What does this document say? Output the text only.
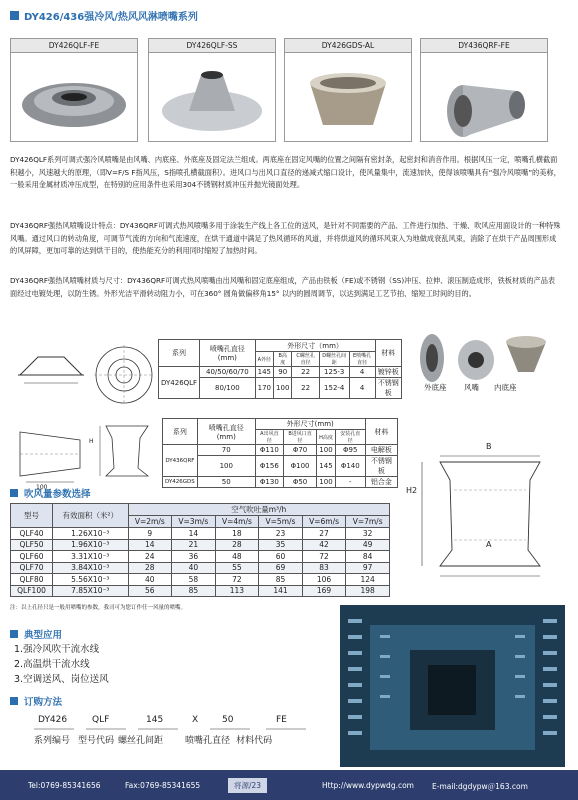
DY426/436强冷风/热风风淋喷嘴系列
DY426QLF-FE	DY426QLF-SS	DY426GDS-AL	DY436QRF-FE
DY426QLF系列可调式强冷风喷嘴是由风嘴、内底座、外底座及固定法兰组成。两底座在固定风嘴的位置之间隔有密封条，起密封和消音作用。根据风压一定，喷嘴孔横截面积越小，风速越大的原理，（即V=F/S F指风压，S指喷孔横截面积）。进风口与出风口直径的递减式缩口设计，使风量集中，流速加快，使得该喷嘴具有“强冷风喷嘴”的美称，一般采用金属材质冲压成型，在特别的应用条件也采用304不锈钢材质冲压并抛光镜面处理。
DY436QRF强热风喷嘴设计特点：DY436QRF可调式热风喷嘴多用于涂装生产线上各工位的送风，是针对不同需要的产品、工件进行加热、干燥、吹风应用面设计的一种特殊风嘴。通过风口的转动角度，可调节气流的方向和气流速度，在烘干通道中满足了热风循环的风道，并将烘道风的循环风束入为地做成衰乱风束，消除了在烘干产品周围形成的风屏障，更加可靠的达到烘干目的，使热能充分的利用同时缩短了加热时间。
DY436QRF强热风喷嘴材质与尺寸：DY436QRF可调式热风喷嘴由出风嘴和固定底座组成，产品由铁板（FE)或不锈钢（SS)冲压、拉伸、滚压制造成形，铁板材质的产品表面经过电镀处理，以防生锈。外形光洁平滑转动阻力小，可在360° 圆角做偏移角15° 以内的圆周调节，以达到满足工艺节拍、缩短工时间的目的。
系列	喷嘴孔直径(mm)	外形尺寸（mm）					材料
		A外径	B高度	C螺丝孔直径	D螺丝孔间距	E喷嘴孔直径	
DY426QLF	40/50/60/70	145	90	22	125-3	4	镀锌板
	80/100	170	100	22	152-4	4	不锈钢板
外底座 风嘴 内底座
100
H
系列	喷嘴孔直径(mm)	外形尺寸(mm)				材料
		A出风直径	B进风口直径	H高度	安装孔直径	
DY436QRF	70	Φ110	Φ70	100	Φ95	电解板
	100	Φ156	Φ100	145	Φ140	不锈钢板
DY426GDS	50	Φ130	Φ50	100	-	铝合金
B
H2
A
吹风量参数选择
型号	有效面积（米²）	空气吹吐量m³/h					
		V=2m/s	V=3m/s	V=4m/s	V=5m/s	V=6m/s	V=7m/s
QLF40	1.26X10⁻³	9	14	18	23	27	32
QLF50	1.96X10⁻³	14	21	28	35	42	49
QLF60	3.31X10⁻³	24	36	48	60	72	84
QLF70	3.84X10⁻³	28	40	55	69	83	97
QLF80	5.56X10⁻³	40	58	72	85	106	124
QLF100	7.85X10⁻³	56	85	113	141	169	198
注：以上孔径只是一般用喷嘴的参数，我司可为您订作任一风量的喷嘴。
典型应用
1.强冷风吹干流水线
2.高温烘干流水线
3.空调送风、岗位送风
订购方法
DY426	QLF	145	X	50	FE
系列编号 型号代码 螺丝孔间距 喷嘴孔直径 材料代码
Tel:0769-85341656	Fax:0769-85341655	将源/23	Http://www.dypwdg.com E-mail:dgdypw＠163.com
